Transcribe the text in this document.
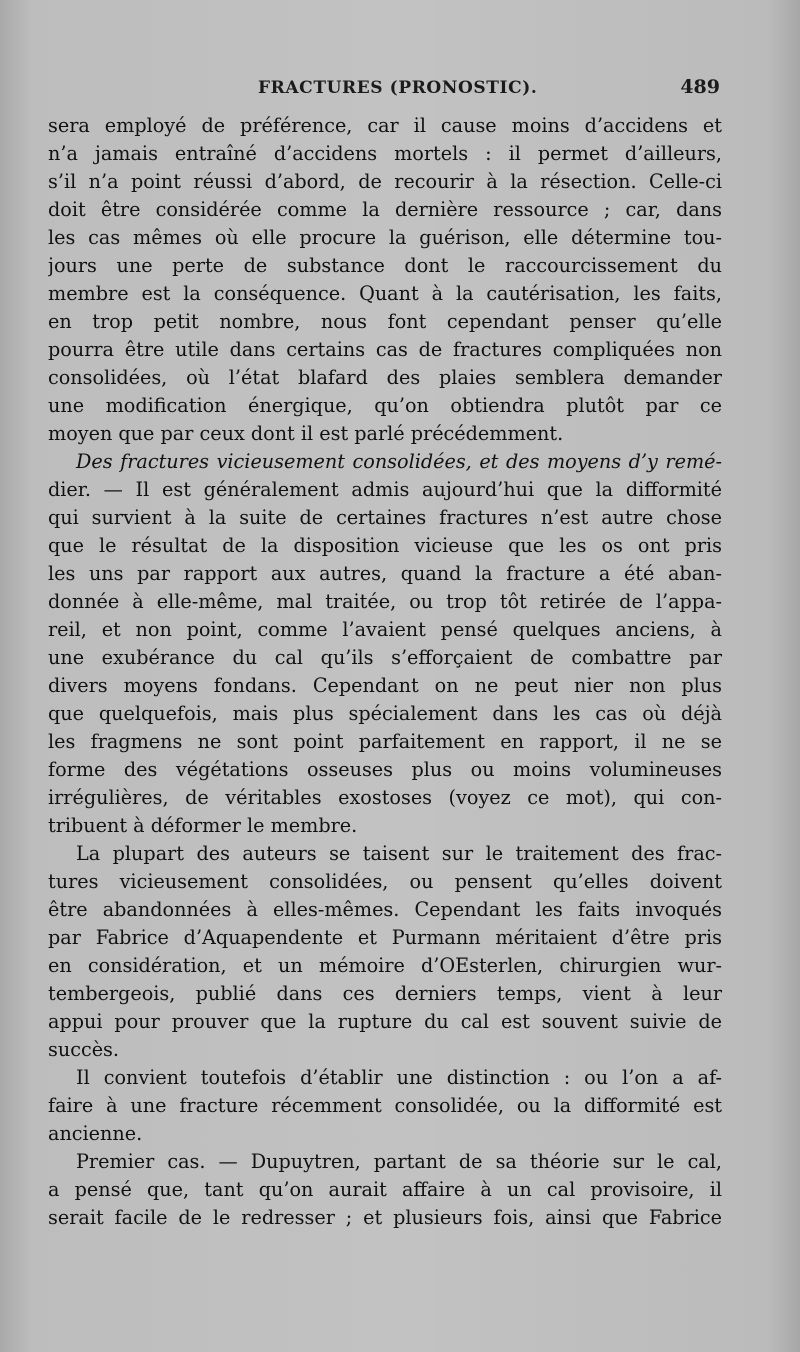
FRACTURES (PRONOSTIC).	489
sera employé de préférence, car il cause moins d’accidens et
n’a jamais entraîné d’accidens mortels : il permet d’ailleurs,
s’il n’a point réussi d’abord, de recourir à la résection. Celle-ci
doit être considérée comme la dernière ressource ; car, dans
les cas mêmes où elle procure la guérison, elle détermine tou-
jours une perte de substance dont le raccourcissement du
membre est la conséquence. Quant à la cautérisation, les faits,
en trop petit nombre, nous font cependant penser qu’elle
pourra être utile dans certains cas de fractures compliquées non
consolidées, où l’état blafard des plaies semblera demander
une modification énergique, qu’on obtiendra plutôt par ce
moyen que par ceux dont il est parlé précédemment.
Des fractures vicieusement consolidées, et des moyens d’y remé-
dier. — Il est généralement admis aujourd’hui que la difformité
qui survient à la suite de certaines fractures n’est autre chose
que le résultat de la disposition vicieuse que les os ont pris
les uns par rapport aux autres, quand la fracture a été aban-
donnée à elle-même, mal traitée, ou trop tôt retirée de l’appa-
reil, et non point, comme l’avaient pensé quelques anciens, à
une exubérance du cal qu’ils s’efforçaient de combattre par
divers moyens fondans. Cependant on ne peut nier non plus
que quelquefois, mais plus spécialement dans les cas où déjà
les fragmens ne sont point parfaitement en rapport, il ne se
forme des végétations osseuses plus ou moins volumineuses
irrégulières, de véritables exostoses (voyez ce mot), qui con-
tribuent à déformer le membre.
La plupart des auteurs se taisent sur le traitement des frac-
tures vicieusement consolidées, ou pensent qu’elles doivent
être abandonnées à elles-mêmes. Cependant les faits invoqués
par Fabrice d’Aquapendente et Purmann méritaient d’être pris
en considération, et un mémoire d’OEsterlen, chirurgien wur-
tembergeois, publié dans ces derniers temps, vient à leur
appui pour prouver que la rupture du cal est souvent suivie de
succès.
Il convient toutefois d’établir une distinction : ou l’on a af-
faire à une fracture récemment consolidée, ou la difformité est
ancienne.
Premier cas. — Dupuytren, partant de sa théorie sur le cal,
a pensé que, tant qu’on aurait affaire à un cal provisoire, il
serait facile de le redresser ; et plusieurs fois, ainsi que Fabrice
